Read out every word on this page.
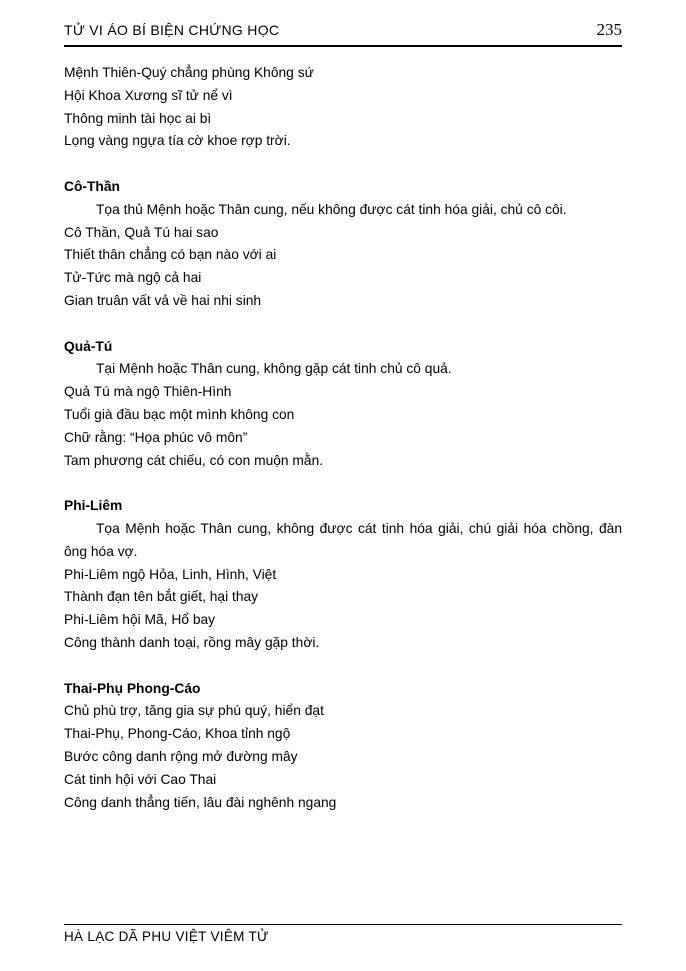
TỬ VI ÁO BÍ BIỆN CHỨNG HỌC	235

Mệnh Thiên-Quý chẳng phùng Không sứ

Hội Khoa Xương sĩ tử nể vì

Thông minh tài học ai bì

Lọng vàng ngựa tía cờ khoe rợp trời.

Cô-Thần

Tọa thủ Mệnh hoặc Thân cung, nếu không được cát tinh hóa giải, chủ cô côi.

Cô Thần, Quả Tú hai sao

Thiết thân chẳng có bạn nào với ai

Tử-Tức mà ngộ cả hai

Gian truân vất vả về hai nhi sinh

Quả-Tú

Tại Mệnh hoặc Thân cung, không gặp cát tinh chủ cô quả.

Quả Tú mà ngộ Thiên-Hình

Tuổi già đầu bạc một mình không con

Chữ rằng: “Họa phúc vô môn”

Tam phương cát chiếu, có con muộn mằn.

Phi-Liêm

Tọa Mệnh hoặc Thân cung, không được cát tinh hóa giải, chú giải hóa chồng, đàn ông hóa vợ.

Phi-Liêm ngộ Hỏa, Linh, Hình, Việt

Thành đạn tên bắt giết, hại thay

Phi-Liêm hội Mã, Hổ bay

Công thành danh toại, rồng mây gặp thời.

Thai-Phụ Phong-Cáo

Chủ phù trợ, tăng gia sự phú quý, hiển đạt

Thai-Phụ, Phong-Cáo, Khoa tỉnh ngộ

Bước công danh rộng mở đường mây

Cát tinh hội với Cao Thai

Công danh thẳng tiến, lâu đài nghênh ngang

HÀ LẠC DÃ PHU VIỆT VIÊM TỬ
